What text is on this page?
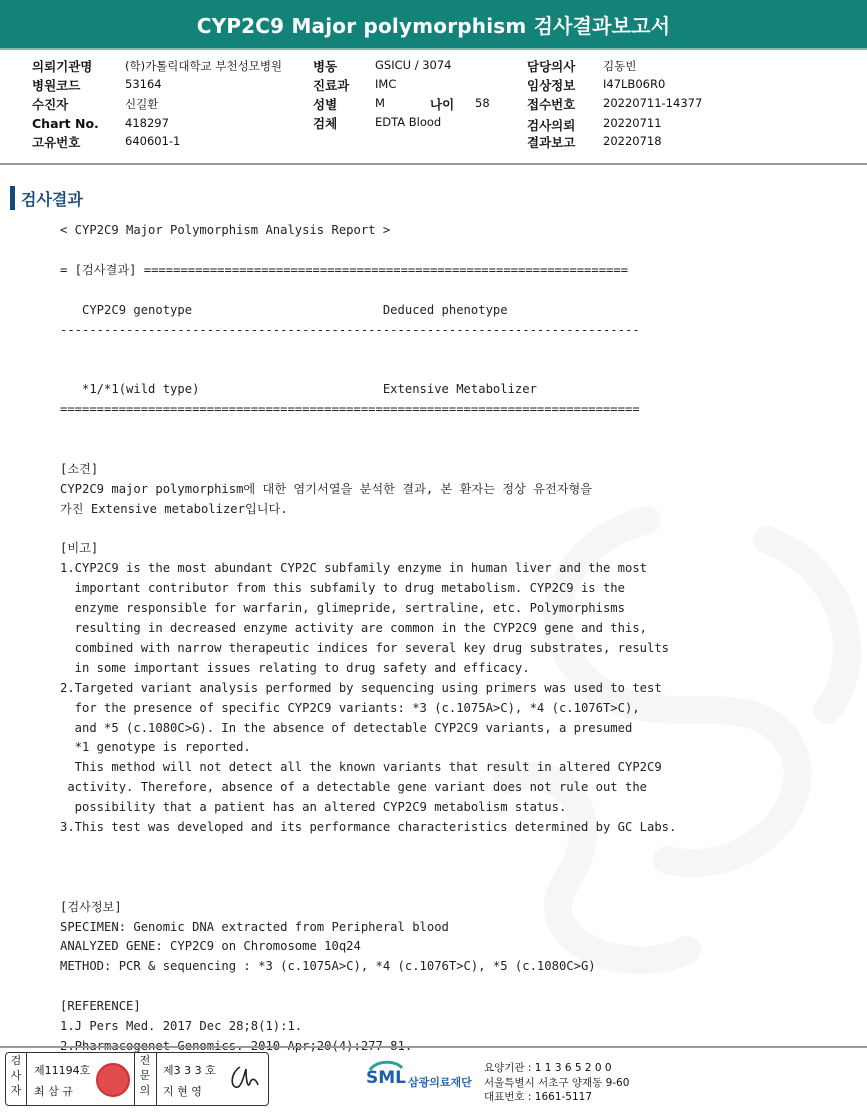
CYP2C9 Major polymorphism 검사결과보고서
의뢰기관명	(학)가톨릭대학교 부천성모병원
병원코드	53164
수진자	신길환
Chart No. 418297
고유번호	640601-1
병동	GSICU / 3074
진료과 IMC
성별	M	나이 58
검체	EDTA Blood
담당의사 김동빈
임상정보 I47LB06R0
접수번호 20220711-14377
검사의뢰 20220711
결과보고 20220718
검사결과
< CYP2C9 Major Polymorphism Analysis Report >
= [검사결과] ==================================================================
CYP2C9 genotype                          Deduced phenotype
-------------------------------------------------------------------------------
*1/*1(wild type)                         Extensive Metabolizer
===============================================================================
[소견]
CYP2C9 major polymorphism에 대한 염기서열을 분석한 결과, 본 환자는 정상 유전자형을
가진 Extensive metabolizer입니다.
[비고]
1.CYP2C9 is the most abundant CYP2C subfamily enzyme in human liver and the most
important contributor from this subfamily to drug metabolism. CYP2C9 is the
enzyme responsible for warfarin, glimepride, sertraline, etc. Polymorphisms
resulting in decreased enzyme activity are common in the CYP2C9 gene and this,
combined with narrow therapeutic indices for several key drug substrates, results
in some important issues relating to drug safety and efficacy.
2.Targeted variant analysis performed by sequencing using primers was used to test
for the presence of specific CYP2C9 variants: *3 (c.1075A>C), *4 (c.1076T>C),
and *5 (c.1080C>G). In the absence of detectable CYP2C9 variants, a presumed
*1 genotype is reported.
This method will not detect all the known variants that result in altered CYP2C9
activity. Therefore, absence of a detectable gene variant does not rule out the
possibility that a patient has an altered CYP2C9 metabolism status.
3.This test was developed and its performance characteristics determined by GC Labs.
[검사정보]
SPECIMEN: Genomic DNA extracted from Peripheral blood
ANALYZED GENE: CYP2C9 on Chromosome 10q24
METHOD: PCR & sequencing : *3 (c.1075A>C), *4 (c.1076T>C), *5 (c.1080C>G)
[REFERENCE]
1.J Pers Med. 2017 Dec 28;8(1):1.
검
사
자
제11194호
최 삼 규
전
문
의
제3 3 3 호
지 현 영
SML 삼광의료재단
요양기관 : 1 1 3 6 5 2 0 0
서울특별시 서초구 양재동 9-60
대표번호 : 1661-5117
